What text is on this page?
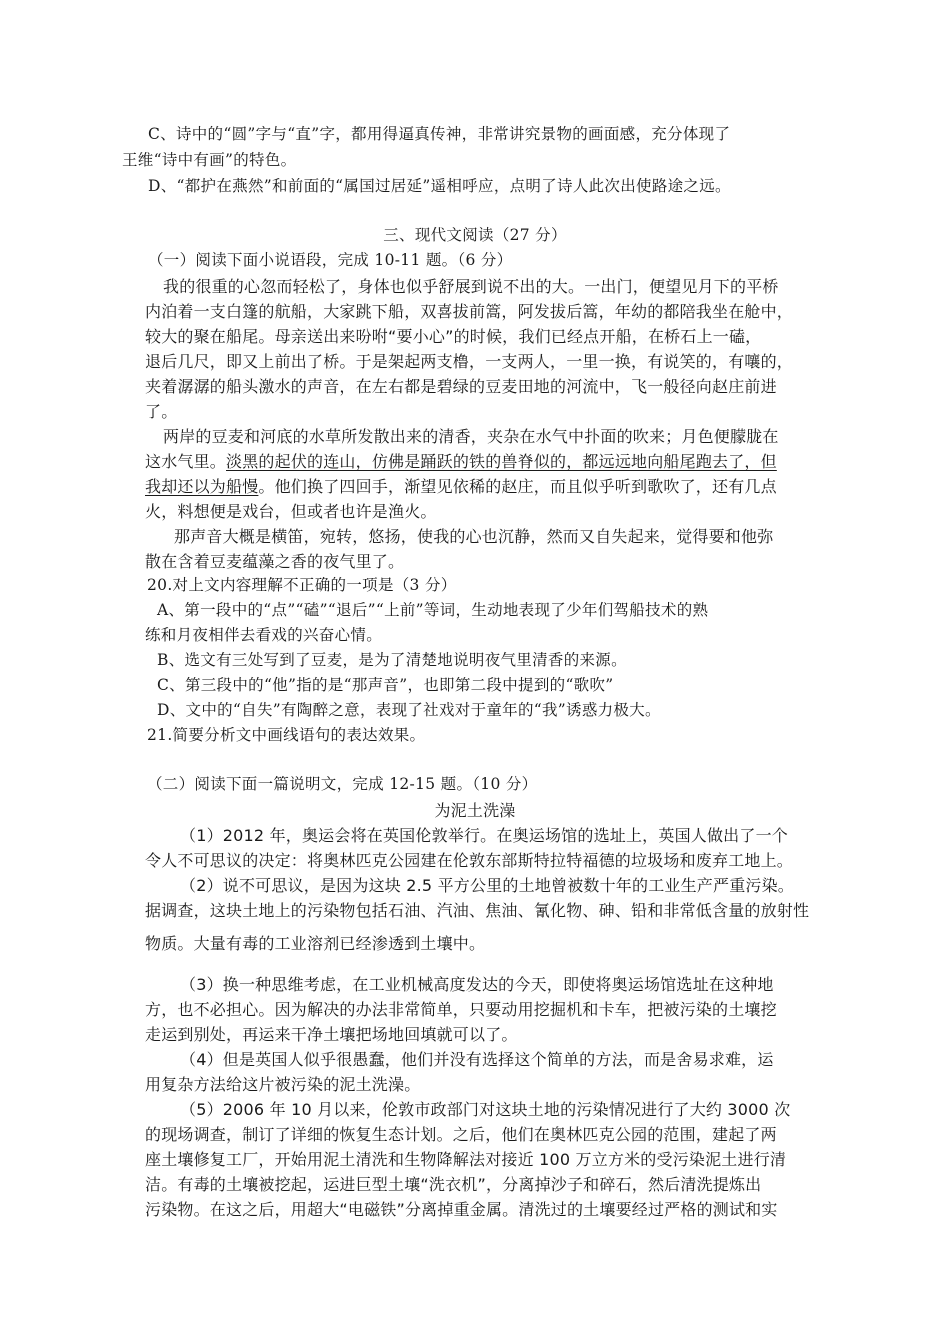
C、诗中的“圆”字与“直”字，都用得逼真传神，非常讲究景物的画面感，充分体现了
王维“诗中有画”的特色。
D、“都护在燕然”和前面的“属国过居延”遥相呼应，点明了诗人此次出使路途之远。
三、现代文阅读（27 分）
（一）阅读下面小说语段，完成 10-11 题。（6 分）
我的很重的心忽而轻松了，身体也似乎舒展到说不出的大。一出门，便望见月下的平桥
内泊着一支白篷的航船，大家跳下船，双喜拔前篙，阿发拔后篙，年幼的都陪我坐在舱中，
较大的聚在船尾。母亲送出来吩咐“要小心”的时候，我们已经点开船，在桥石上一磕，
退后几尺，即又上前出了桥。于是架起两支橹，一支两人，一里一换，有说笑的，有嚷的，
夹着潺潺的船头激水的声音，在左右都是碧绿的豆麦田地的河流中，飞一般径向赵庄前进
了。
两岸的豆麦和河底的水草所发散出来的清香，夹杂在水气中扑面的吹来；月色便朦胧在
这水气里。淡黑的起伏的连山，仿佛是踊跃的铁的兽脊似的，都远远地向船尾跑去了，但
我却还以为船慢。他们换了四回手，渐望见依稀的赵庄，而且似乎听到歌吹了，还有几点
火，料想便是戏台，但或者也许是渔火。
那声音大概是横笛，宛转，悠扬，使我的心也沉静，然而又自失起来，觉得要和他弥
散在含着豆麦蕴藻之香的夜气里了。
20.对上文内容理解不正确的一项是（3 分）
A、第一段中的“点”“磕”“退后”“上前”等词，生动地表现了少年们驾船技术的熟
练和月夜相伴去看戏的兴奋心情。
B、选文有三处写到了豆麦，是为了清楚地说明夜气里清香的来源。
C、第三段中的“他”指的是“那声音”，也即第二段中提到的“歌吹”
D、文中的“自失”有陶醉之意，表现了社戏对于童年的“我”诱惑力极大。
21.简要分析文中画线语句的表达效果。
（二）阅读下面一篇说明文，完成 12-15 题。（10 分）
为泥土洗澡
（1）2012 年，奥运会将在英国伦敦举行。在奥运场馆的选址上，英国人做出了一个
令人不可思议的决定：将奥林匹克公园建在伦敦东部斯特拉特福德的垃圾场和废弃工地上。
（2）说不可思议，是因为这块 2.5 平方公里的土地曾被数十年的工业生产严重污染。
据调查，这块土地上的污染物包括石油、汽油、焦油、氰化物、砷、铅和非常低含量的放射性
物质。大量有毒的工业溶剂已经渗透到土壤中。
（3）换一种思维考虑，在工业机械高度发达的今天，即使将奥运场馆选址在这种地
方，也不必担心。因为解决的办法非常简单，只要动用挖掘机和卡车，把被污染的土壤挖
走运到别处，再运来干净土壤把场地回填就可以了。
（4）但是英国人似乎很愚蠢，他们并没有选择这个简单的方法，而是舍易求难，运
用复杂方法给这片被污染的泥土洗澡。
（5）2006 年 10 月以来，伦敦市政部门对这块土地的污染情况进行了大约 3000 次
的现场调查，制订了详细的恢复生态计划。之后，他们在奥林匹克公园的范围，建起了两
座土壤修复工厂，开始用泥土清洗和生物降解法对接近 100 万立方米的受污染泥土进行清
洁。有毒的土壤被挖起，运进巨型土壤“洗衣机”，分离掉沙子和碎石，然后清洗提炼出
污染物。在这之后，用超大“电磁铁”分离掉重金属。清洗过的土壤要经过严格的测试和实
